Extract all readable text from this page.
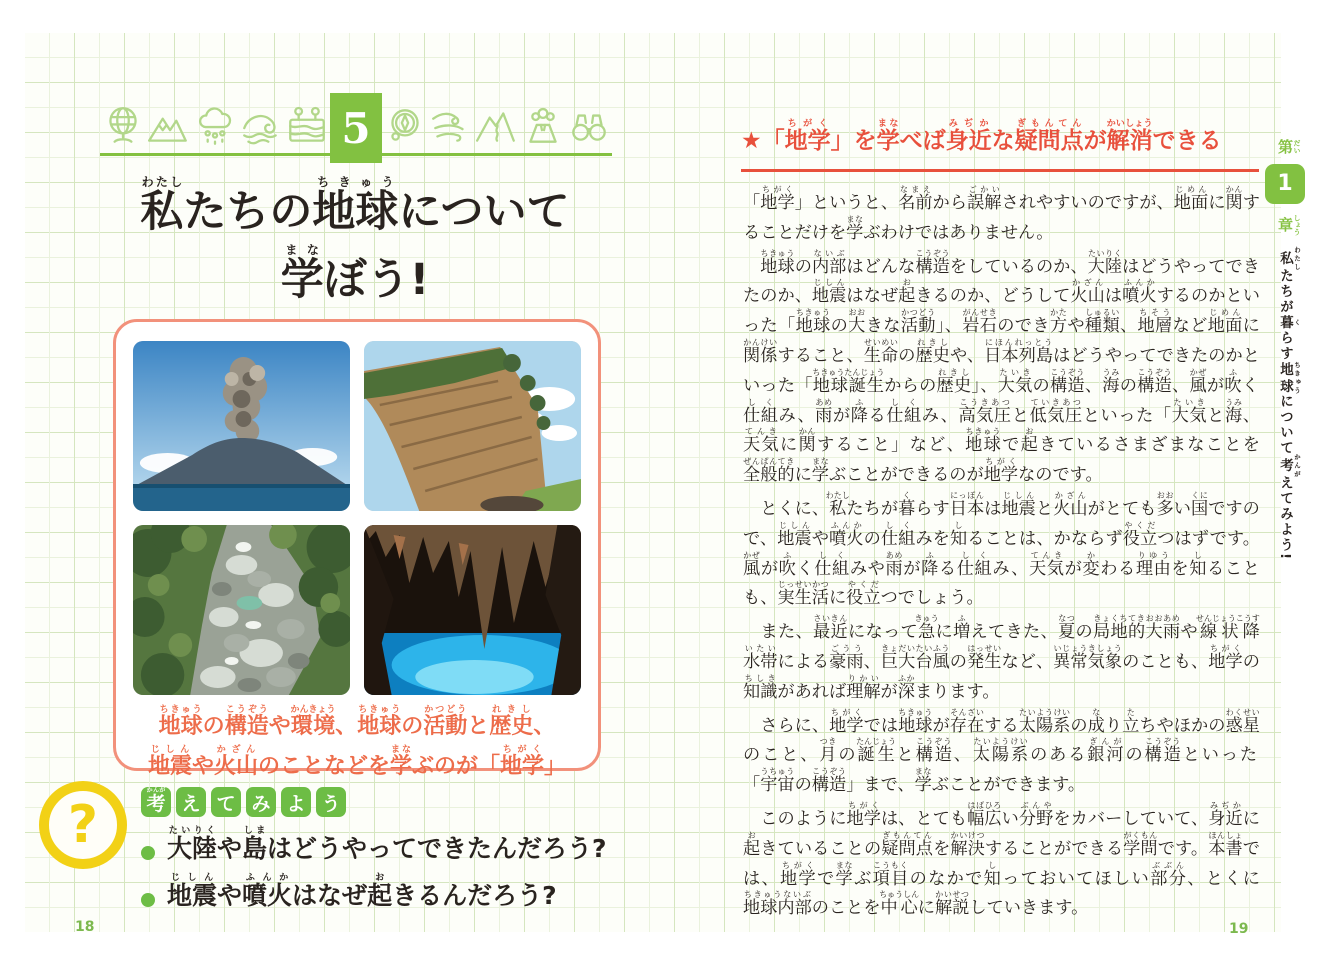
5
私わたしたちの地球ちきゅうについて
学まなぼう!
地球ちきゅうの構造こうぞうや環境かんきょう、地球ちきゅうの活動かつどうと歴史れきし、
地震じしんや火山かざんのことなどを学まなぶのが「地学ちがく」
?	考かんが
え て み よ う
大陸たいりくや島しまはどうやってできたんだろう?
地震じしんや噴火ふんかはなぜ起おきるんだろう?
18
★「地学ちがく」を学まなべば身近みぢかな疑問点ぎもんてんが解消かいしょうできる

「地学ちがく」というと、名前なまえから誤解ごかいされやすいのですが、地面じめんに関かんすることだけを学まなぶわけではありません。

　地球ちきゅうの内部ないぶはどんな構造こうぞうをしているのか、大陸たいりくはどうやってできたのか、地震じしんはなぜ起おきるのか、どうして火山かざんは噴火ふんかするのかといった「地球ちきゅうの大おおきな活動かつどう」、岩石がんせきのでき方かたや種類しゅるい、地層ちそうなど地面じめんに関係かんけいすること、生命せいめいの歴史れきしや、日本列島にほんれっとうはどうやってできたのかといった「地球誕生ちきゅうたんじょうからの歴史れきし」、大気たいきの構造こうぞう、海うみの構造こうぞう、風かぜが吹ふく仕組しくみ、雨あめが降ふる仕組しくみ、高気圧こうきあつと低気圧ていきあつといった「大気たいきと海うみ、天気てんきに関かんすること」など、地球ちきゅうで起おきているさまざまなことを全般的ぜんぱんてきに学まなぶことができるのが地学ちがくなのです。

　とくに、私わたしたちが暮くらす日本にっぽんは地震じしんと火山かざんがとても多おおい国くにですので、地震じしんや噴火ふんかの仕組しくみを知しることは、かならず役立やくだつはずです。風かぜが吹ふく仕組しくみや雨あめが降ふる仕組しくみ、天気てんきが変かわる理由りゆうを知しることも、実生活じっせいかつに役立やくだつでしょう。

　また、最近さいきんになって急きゅうに増ふえてきた、夏なつの局地的大雨きょくちてきおおあめや線状降水帯せんじょうこうすいたいによる豪雨ごうう、巨大台風きょだいたいふうの発生はっせいなど、異常気象いじょうきしょうのことも、地学ちがくの知識ちしきがあれば理解りかいが深ふかまります。

　さらに、地学ちがくでは地球ちきゅうが存在そんざいする太陽系たいようけいの成なり立たちやほかの惑星わくせいのこと、月つきの誕生たんじょうと構造こうぞう、太陽系たいようけいのある銀河ぎんがの構造こうぞうといった「宇宙うちゅうの構造こうぞう」まで、学まなぶことができます。

　このように地学ちがくは、とても幅広はばひろい分野ぶんやをカバーしていて、身近みぢかに起おきていることの疑問点ぎもんてんを解決かいけつすることができる学問がくもんです。本書ほんしょでは、地学ちがくで学まなぶ項目こうもくのなかで知しっておいてほしい部分ぶぶん、とくに地球内部ちきゅうないぶのことを中心ちゅうしんに解説かいせつしていきます。

19
第 だい 1 章 しょう 私 わたしたちが暮 くらす地球 ちきゅうについて考 かんがえてみよう!
